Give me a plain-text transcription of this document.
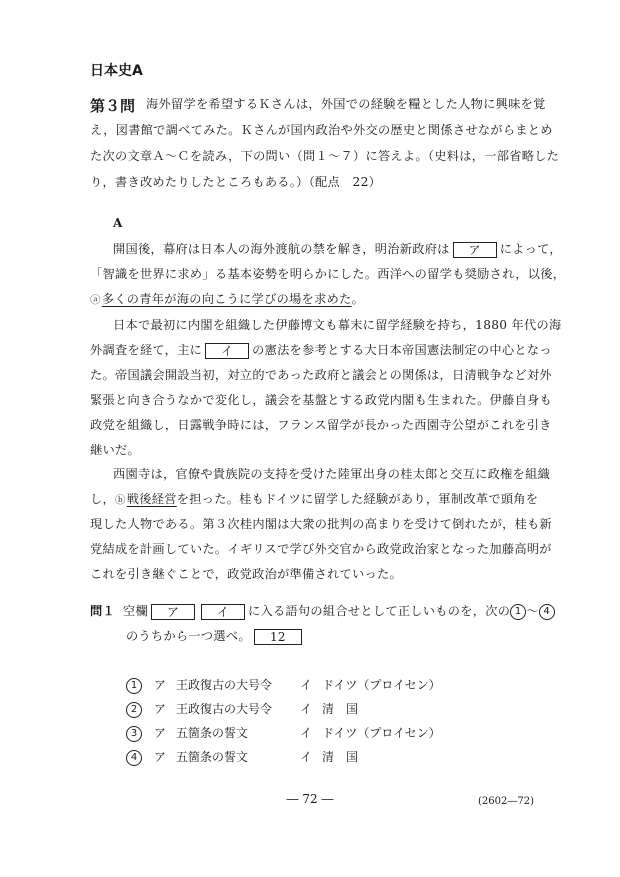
日本史A
第３問 海外留学を希望するＫさんは，外国での経験を糧とした人物に興味を覚
え，図書館で調べてみた。Ｋさんが国内政治や外交の歴史と関係させながらまとめ
た次の文章Ａ～Ｃを読み，下の問い（問１～７）に答えよ。（史料は，一部省略した
り，書き改めたりしたところもある。）（配点　22）
A
開国後，幕府は日本人の海外渡航の禁を解き，明治新政府は ア によって，
「智識を世界に求め」る基本姿勢を明らかにした。西洋への留学も奨励され，以後，
ⓐ多くの青年が海の向こうに学びの場を求めた。
日本で最初に内閣を組織した伊藤博文も幕末に留学経験を持ち，1880 年代の海
外調査を経て，主に イ の憲法を参考とする大日本帝国憲法制定の中心となっ
た。帝国議会開設当初，対立的であった政府と議会との関係は，日清戦争など対外
緊張と向き合うなかで変化し，議会を基盤とする政党内閣も生まれた。伊藤自身も
政党を組織し，日露戦争時には，フランス留学が長かった西園寺公望がこれを引き
継いだ。
西園寺は，官僚や貴族院の支持を受けた陸軍出身の桂太郎と交互に政権を組織
し，ⓑ戦後経営を担った。桂もドイツに留学した経験があり，軍制改革で頭角を
現した人物である。第３次桂内閣は大衆の批判の高まりを受けて倒れたが，桂も新
党結成を計画していた。イギリスで学び外交官から政党政治家となった加藤高明が
これを引き継ぐことで，政党政治が準備されていった。
問１ 空欄 ア	イ に入る語句の組合せとして正しいものを，次の 1 ～ 4
のうちから一つ選べ。 12
1 ア 王政復古の大号令 イ ドイツ（プロイセン）
2 ア 王政復古の大号令 イ 清　国
3 ア 五箇条の誓文	イ ドイツ（プロイセン）
4 ア 五箇条の誓文	イ 清　国
― 72 ―	(2602―72)
